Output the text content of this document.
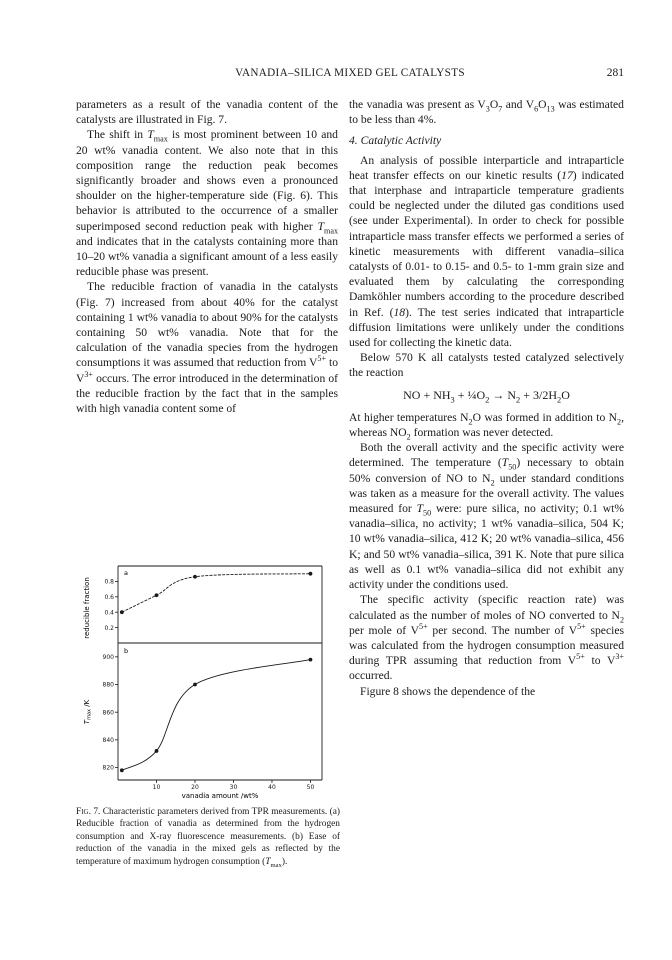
VANADIA–SILICA MIXED GEL CATALYSTS	281

parameters as a result of the vanadia content of the catalysts are illustrated in Fig. 7.

The shift in $T_{max}$ is most prominent between 10 and 20 wt% vanadia content. We also note that in this composition range the reduction peak becomes significantly broader and shows even a pronounced shoulder on the higher-temperature side (Fig. 6). This behavior is attributed to the occurrence of a smaller superimposed second reduction peak with higher $T_{max}$ and indicates that in the catalysts containing more than 10–20 wt% vanadia a significant amount of a less easily reducible phase was present.

The reducible fraction of vanadia in the catalysts (Fig. 7) increased from about 40% for the catalyst containing 1 wt% vanadia to about 90% for the catalysts containing 50 wt% vanadia. Note that for the calculation of the vanadia species from the hydrogen consumptions it was assumed that reduction from $V^{5+}$ to $V^{3+}$ occurs. The error introduced in the determination of the reducible fraction by the fact that in the samples with high vanadia content some of

0.8
0.6
0.4
0.2
900
880
860
840
820
10	20	30	40	50
a
b
reducible fraction
$T_{max}$ /K
vanadia amount /wt%
Fig. 7. Characteristic parameters derived from TPR measurements. (a) Reducible fraction of vanadia as determined from the hydrogen consumption and X-ray fluorescence measurements. (b) Ease of reduction of the vanadia in the mixed gels as reflected by the temperature of maximum hydrogen consumption $(T_{max})$.

the vanadia was present as $V_3O_7$ and $V_6O_{13}$ was estimated to be less than 4%.

4. Catalytic Activity

An analysis of possible interparticle and intraparticle heat transfer effects on our kinetic results (17) indicated that interphase and intraparticle temperature gradients could be neglected under the diluted gas conditions used (see under Experimental). In order to check for possible intraparticle mass transfer effects we performed a series of kinetic measurements with different vanadia–silica catalysts of 0.01- to 0.15- and 0.5- to 1-mm grain size and evaluated them by calculating the corresponding Damköhler numbers according to the procedure described in Ref. (18). The test series indicated that intraparticle diffusion limitations were unlikely under the conditions used for collecting the kinetic data.

Below 570 K all catalysts tested catalyzed selectively the reaction

NO + $NH_3$ + $\frac{1}{4}O_2 \to N_2 + 3/2H_2O$

At higher temperatures $N_2O$ was formed in addition to $N_2$, whereas $NO_2$ formation was never detected.

Both the overall activity and the specific activity were determined. The temperature $(T_{50})$ necessary to obtain 50% conversion of NO to $N_2$ under standard conditions was taken as a measure for the overall activity. The values measured for $T_{50}$ were: pure silica, no activity; 0.1 wt% vanadia–silica, no activity; 1 wt% vanadia–silica, 504 K; 10 wt% vanadia–silica, 412 K; 20 wt% vanadia–silica, 456 K; and 50 wt% vanadia–silica, 391 K. Note that pure silica as well as 0.1 wt% vanadia–silica did not exhibit any activity under the conditions used.

The specific activity (specific reaction rate) was calculated as the number of moles of NO converted to $N_2$ per mole of $V^{5+}$ per second. The number of $V^{5+}$ species was calculated from the hydrogen consumption measured during TPR assuming that reduction from $V^{5+}$ to $V^{3+}$ occurred.

Figure 8 shows the dependence of the
